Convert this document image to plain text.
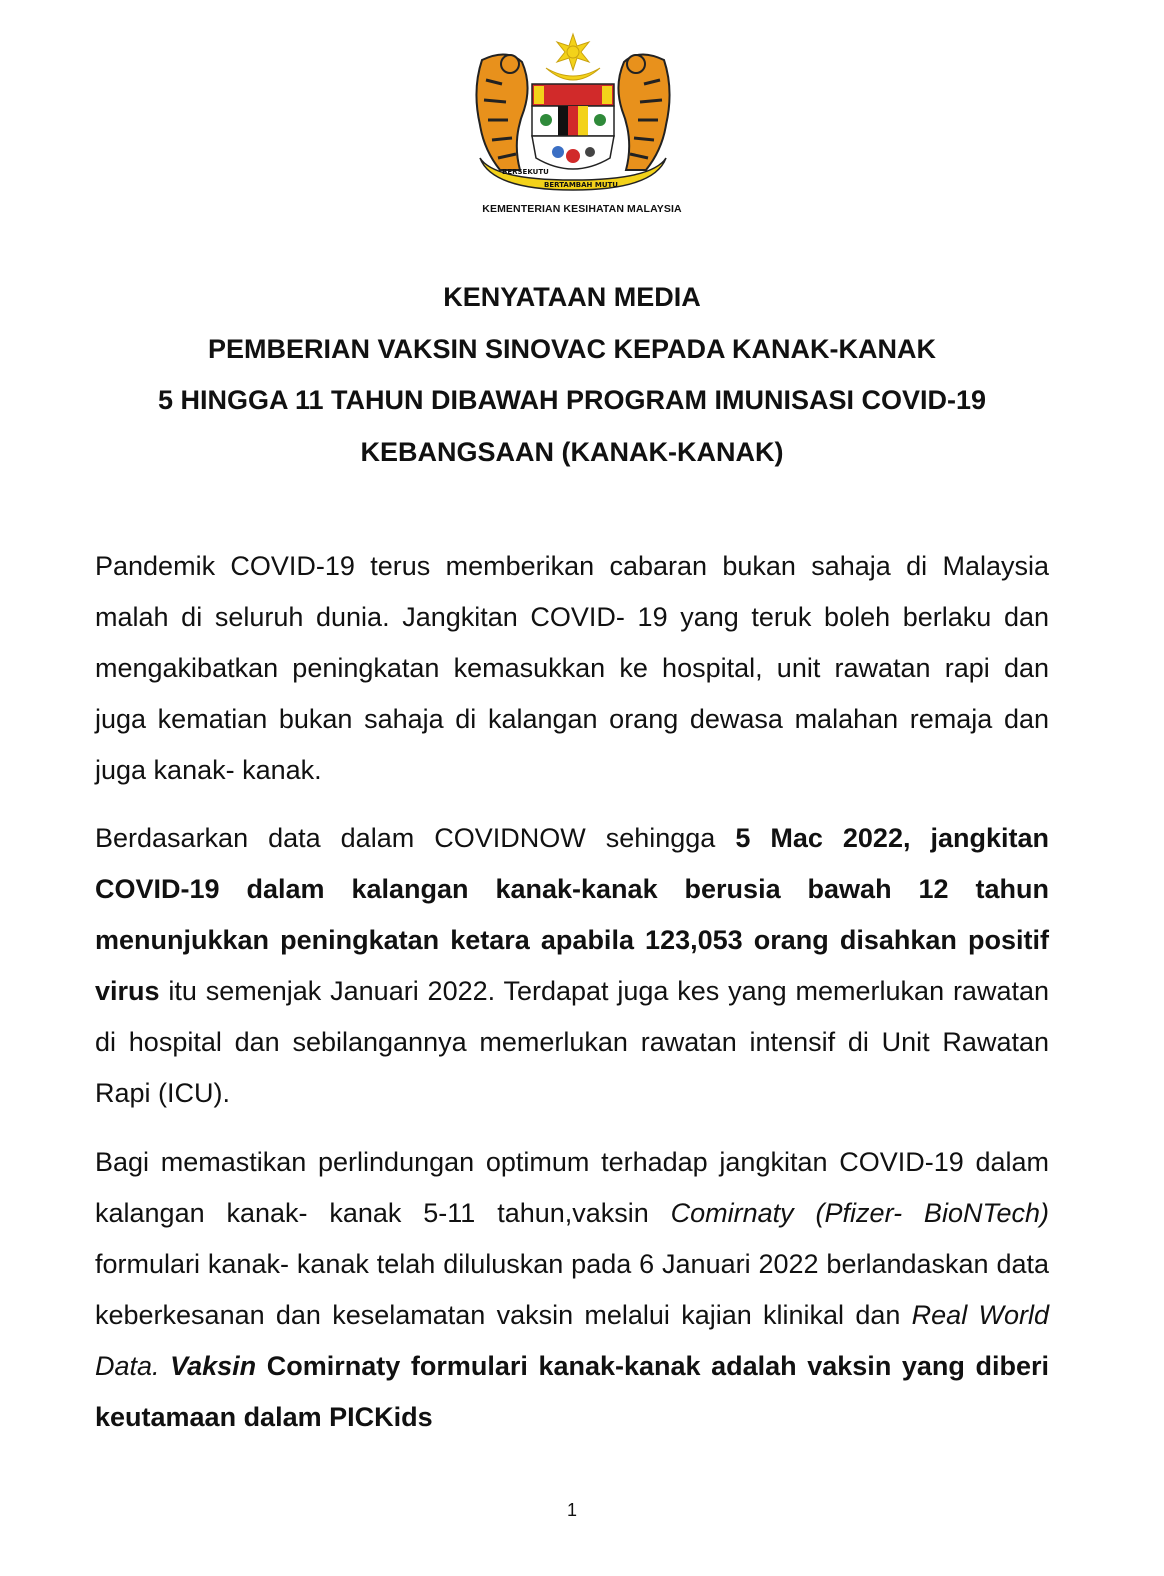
BERSEKUTU
BERTAMBAH MUTU
KEMENTERIAN KESIHATAN MALAYSIA
KENYATAAN MEDIA
PEMBERIAN VAKSIN SINOVAC KEPADA KANAK-KANAK
5 HINGGA 11 TAHUN DIBAWAH PROGRAM IMUNISASI COVID-19
KEBANGSAAN (KANAK-KANAK)

Pandemik COVID-19 terus memberikan cabaran bukan sahaja di Malaysia malah di seluruh dunia. Jangkitan COVID- 19 yang teruk boleh berlaku dan mengakibatkan peningkatan kemasukkan ke hospital, unit rawatan rapi dan juga kematian bukan sahaja di kalangan orang dewasa malahan remaja dan juga kanak- kanak.

Berdasarkan data dalam COVIDNOW sehingga 5 Mac 2022, jangkitan COVID-19 dalam kalangan kanak-kanak berusia bawah 12 tahun menunjukkan peningkatan ketara apabila 123,053 orang disahkan positif virus itu semenjak Januari 2022. Terdapat juga kes yang memerlukan rawatan di hospital dan sebilangannya memerlukan rawatan intensif di Unit Rawatan Rapi (ICU).

Bagi memastikan perlindungan optimum terhadap jangkitan COVID-19 dalam kalangan kanak- kanak 5-11 tahun,vaksin Comirnaty (Pfizer- BioNTech) formulari kanak- kanak telah diluluskan pada 6 Januari 2022 berlandaskan data keberkesanan dan keselamatan vaksin melalui kajian klinikal dan Real World Data. Vaksin Comirnaty formulari kanak-kanak adalah vaksin yang diberi keutamaan dalam PICKids

1
